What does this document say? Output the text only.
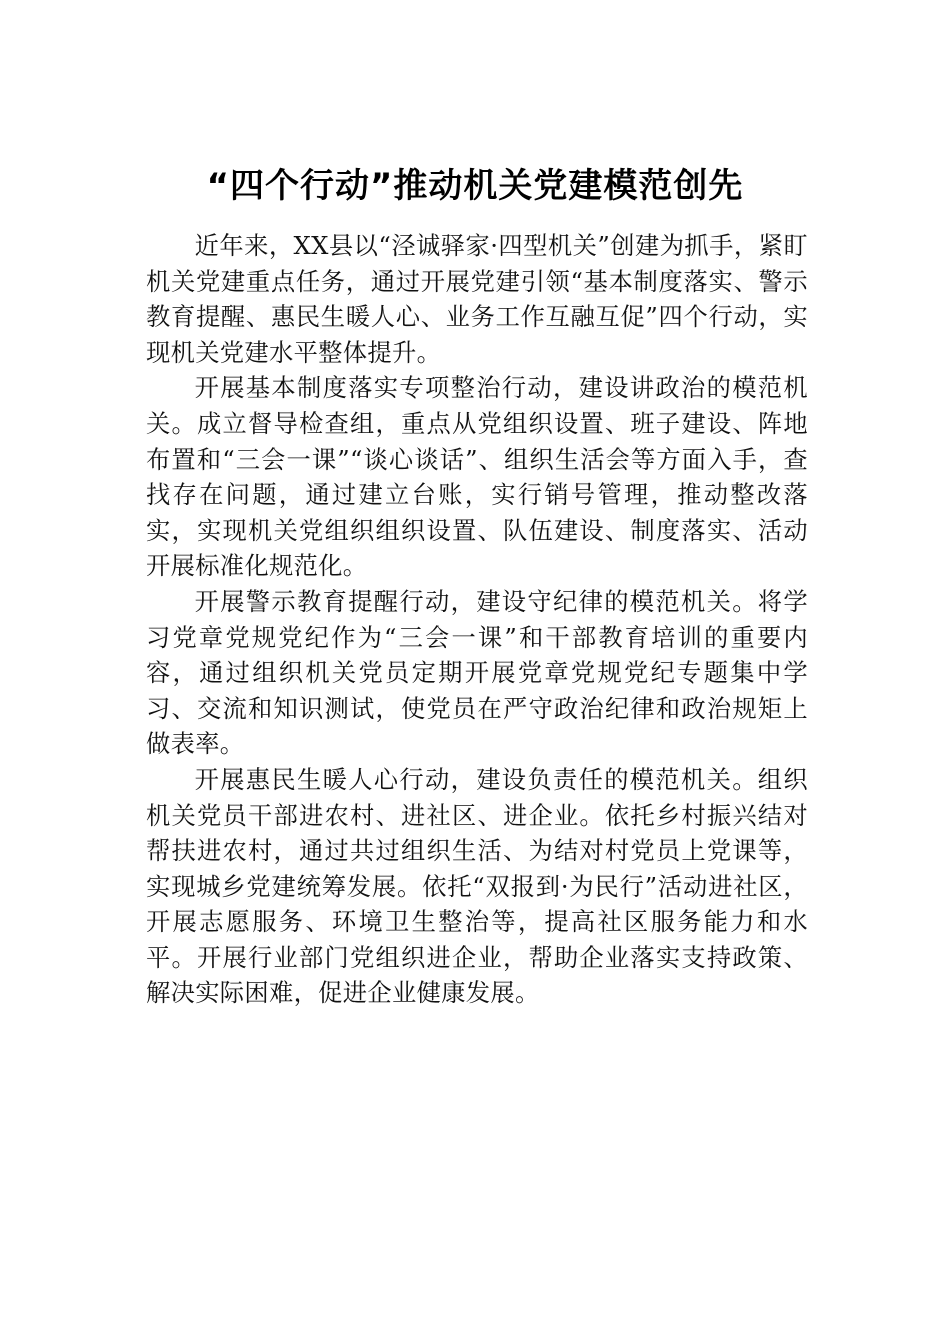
“四个行动”推动机关党建模范创先

近年来，XX县以“泾诚驿家·四型机关”创建为抓手，紧盯机关党建重点任务，通过开展党建引领“基本制度落实、警示教育提醒、惠民生暖人心、业务工作互融互促”四个行动，实现机关党建水平整体提升。

开展基本制度落实专项整治行动，建设讲政治的模范机关。成立督导检查组，重点从党组织设置、班子建设、阵地布置和“三会一课”“谈心谈话”、组织生活会等方面入手，查找存在问题，通过建立台账，实行销号管理，推动整改落实，实现机关党组织组织设置、队伍建设、制度落实、活动开展标准化规范化。

开展警示教育提醒行动，建设守纪律的模范机关。将学习党章党规党纪作为“三会一课”和干部教育培训的重要内容，通过组织机关党员定期开展党章党规党纪专题集中学习、交流和知识测试，使党员在严守政治纪律和政治规矩上做表率。

开展惠民生暖人心行动，建设负责任的模范机关。组织机关党员干部进农村、进社区、进企业。依托乡村振兴结对帮扶进农村，通过共过组织生活、为结对村党员上党课等，实现城乡党建统筹发展。依托“双报到·为民行”活动进社区，开展志愿服务、环境卫生整治等，提高社区服务能力和水平。开展行业部门党组织进企业，帮助企业落实支持政策、解决实际困难，促进企业健康发展。
